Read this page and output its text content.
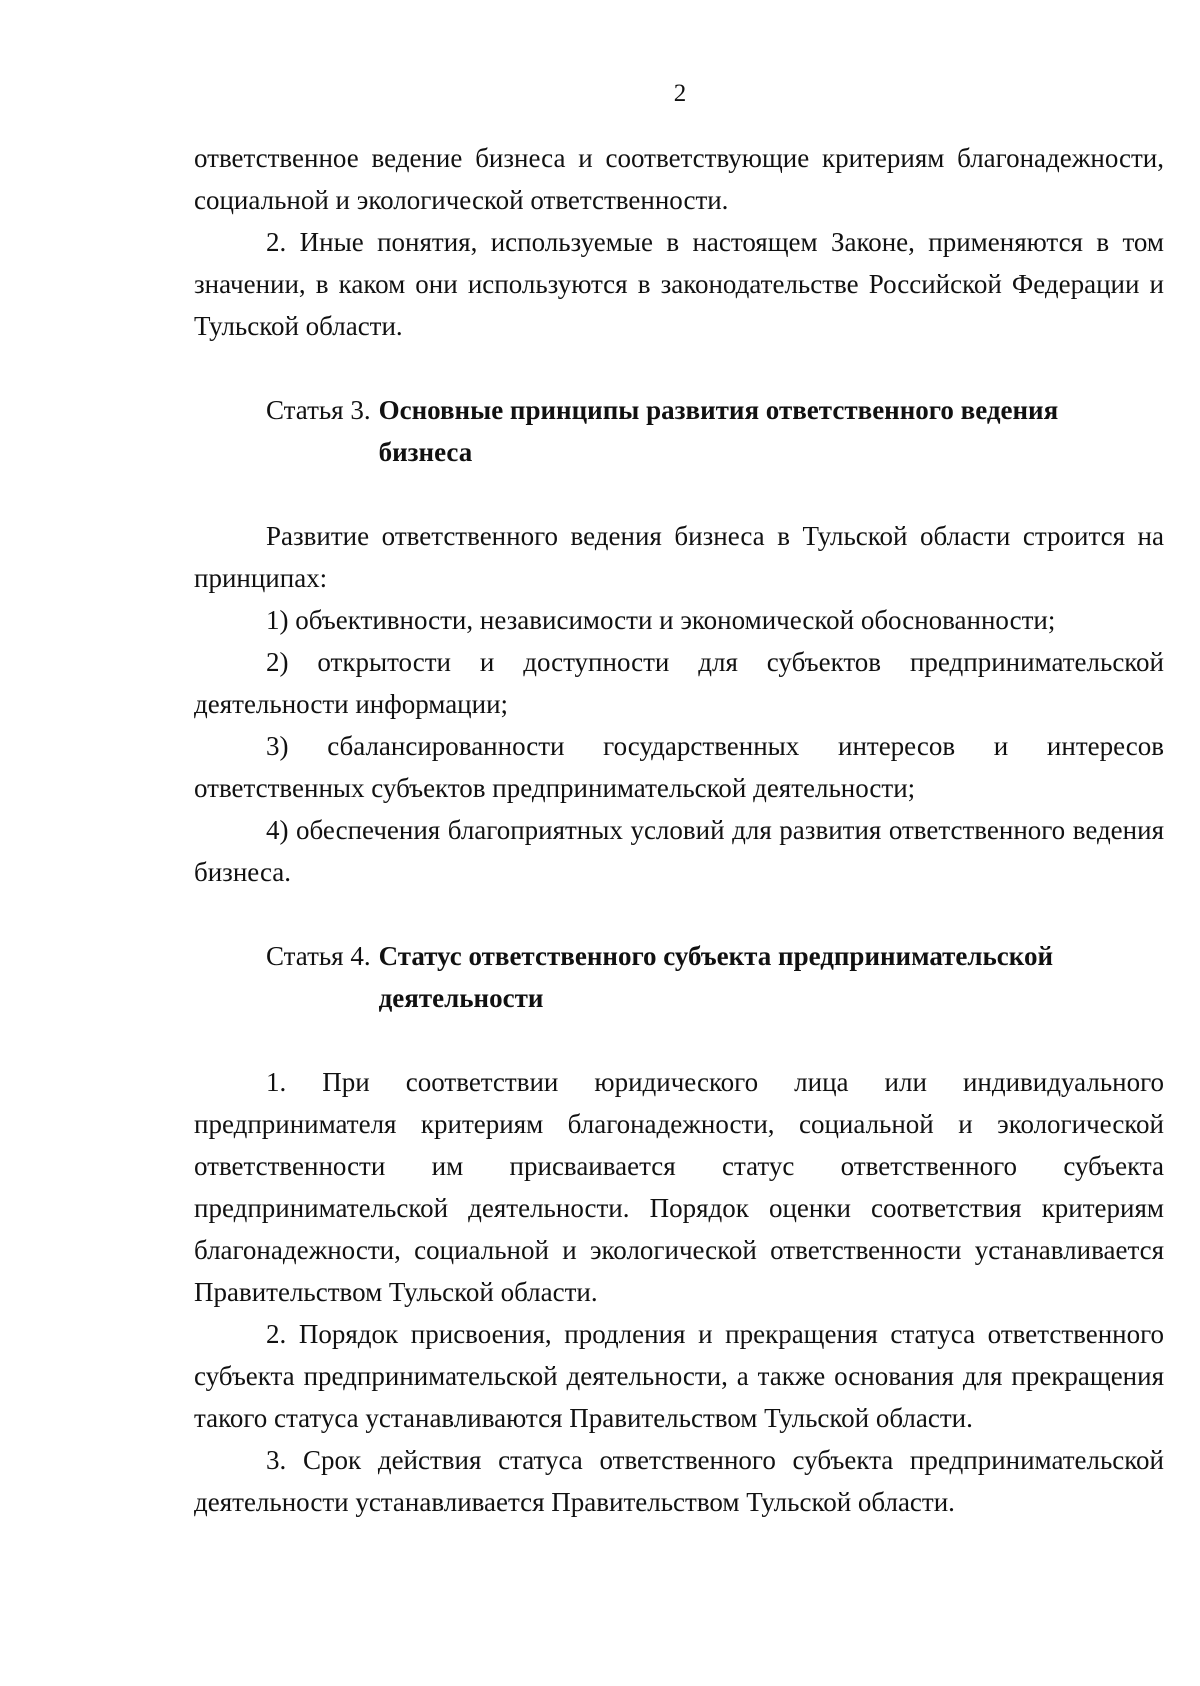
2

ответственное ведение бизнеса и соответствующие критериям благонадежности, социальной и экологической ответственности.

2. Иные понятия, используемые в настоящем Законе, применяются в том значении, в каком они используются в законодательстве Российской Федерации и Тульской области.

Статья 3. Основные принципы развития ответственного ведения бизнеса

Развитие ответственного ведения бизнеса в Тульской области строится на принципах:

1) объективности, независимости и экономической обоснованности;

2) открытости и доступности для субъектов предпринимательской деятельности информации;

3) сбалансированности государственных интересов и интересов ответственных субъектов предпринимательской деятельности;

4) обеспечения благоприятных условий для развития ответственного ведения бизнеса.

Статья 4. Статус ответственного субъекта предпринимательской деятельности

1. При соответствии юридического лица или индивидуального предпринимателя критериям благонадежности, социальной и экологической ответственности им присваивается статус ответственного субъекта предпринимательской деятельности. Порядок оценки соответствия критериям благонадежности, социальной и экологической ответственности устанавливается Правительством Тульской области.

2. Порядок присвоения, продления и прекращения статуса ответственного субъекта предпринимательской деятельности, а также основания для прекращения такого статуса устанавливаются Правительством Тульской области.

3. Срок действия статуса ответственного субъекта предпринимательской деятельности устанавливается Правительством Тульской области.
